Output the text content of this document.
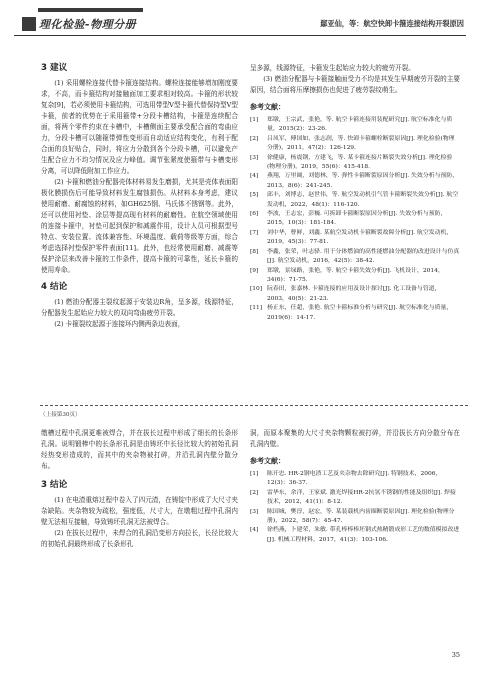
理化检验-物理分册	鄢亚仙，等：航空快卸卡箍连接结构开裂原因
3 建议

(1) 采用螺栓连接代替卡箍连接结构。螺栓连接能够增加刚度要求，不高，而卡箍结构对接触面加工要求相对较高。卡箍的形状较复杂[9]，若必须使用卡箍结构，可选用带型V型卡箍代替保持型V型卡箍，前者的优势在于采用箍带+分段卡槽结构，卡箍是连续配合面，将两个零件约束在卡槽中，卡槽侧面主要承受配合面的弯曲应力，分段卡槽可以随箍带弹性变形而自动适应结构变化，有利于配合面的良好贴合，同时，将应力分散到各个分段卡槽，可以避免产生配合应力不均匀情况及应力峰值。调节张紧度使箍带与卡槽变形分离，可以降低附加工作应力。

(2) 卡箍和燃油分配器壳体材料易发生磨损，尤其是壳体表面阳极化膜损伤后可能导致材料发生腐蚀损伤。从材料本身考虑，建议使用耐磨、耐腐蚀的材料，如GH625钢、马氏体不锈钢等。此外，还可以使用衬垫、涂层等提高现有材料的耐磨性。在航空领域使用的连接卡箍中，衬垫可起到保护和减震作用，设计人员可根据型号特点、安装位置、流体兼容性、环境温度、载荷等级等方面，综合考虑选择衬垫保护零件表面[11]。此外，也经常使用耐磨、减震等保护涂层来改善卡箍的工作条件，提高卡箍的可靠性，延长卡箍的使用寿命。

4 结论

(1) 燃油分配器主裂纹起源于安装边R角，呈多源，线源特征，分配器发生起始应力较大的双向弯曲疲劳开裂。

(2) 卡箍裂纹起源于连接环内侧两条边表面，

呈多源，线源特征，卡箍发生起始应力较大的疲劳开裂。

(3) 燃油分配器与卡箍接触面受力不均是其发生早期疲劳开裂的主要原因，结合面将压摩擦损伤也促进了疲劳裂纹萌生。

参考文献：
[1]	郑墩，王宗武，张艳，等. 航空卡箍连接用装配研究[J]. 航空标准化与质量，2015(2)：23-26.
[2]	吕凤军，傅国如，张志润，等. 快卸卡箍螺栓断裂原因[J]. 理化检验(物理分册)，2011，47(2)：126-129.
[3]	徐健康，杨震钢，方建飞，等. 某卡箍连接片断裂失效分析[J]. 理化检验(物理分册)，2019，55(6)：415-418.
[4]	燕翔，万里阔，刘德林，等. 弹性卡箍断裂原因分析[J]. 失效分析与预防，2013，8(6)：241-245.
[5]	邱丰，刘博志，赵世伟，等. 航空发动机引气管卡箍断裂失效分析[J]. 航空发动机，2022，48(1)：116-120.
[6]	李波，王志宏，彭巍. 可拆卸卡箍断裂原因分析[J]. 失效分析与预防，2015，10(3)：181-184.
[7]	刘中华，曹鲜，刘鑫. 某航空发动机卡箍断裂故障分析[J]. 航空发动机，2019，45(3)：77-81.
[8]	李鑫，张荣，叶志驿. 用于分体燃油的高性能燃油分配器的改进设计与仿真[J]. 航空发动机，2016，42(5)：38-42.
[9]	郑墩，景绿路，张艳，等. 航空卡箍失效分析[J]. 飞机设计，2014，34(6)：71-75.
[10] 阮春田，张嘉林. 卡箍连接的应用及设计探讨[J]. 化工设备与管道，2003，40(5)：21-23.
[11] 杨正东，任超，张艳. 航空卡箍标准分析与研究[J]. 航空标准化与质量，2019(6)：14-17.
（上接第30页）

缴槽过程中孔洞更难被焊合，并在拔长过程中形成了细长的长条形孔洞。说明锻棒中的长条形孔洞是由铸坯中长径比较大的初始孔洞经热变形造成的，而其中的夹杂物被打碎，并沿孔洞内壁分散分布。

3 结论

(1) 在电渣重熔过程中卷入了四元渣，在铸锭中形成了大尺寸夹杂缺陷。夹杂物较为疏松，强度低，尺寸大，在墩粗过程中孔洞内壁无法相互接触，导致铸坯孔洞无法被焊合。

(2) 在拔长过程中，未焊合的孔洞沿变形方向拉长，长径比较大的初始孔洞最终形成了长条形孔

洞，而原本聚集的大尺寸夹杂物颗粒被打碎，并沿拔长方向分散分布在孔洞内壁。

参考文献：
[1]	陈开忠. HR-2钢电渣工艺及夹杂物去除研究[J]. 特钢技术，2006，12(3)：36-37.
[2]	雷华东，余洋，王家斌. 激光焊接HR-2抗氢不锈钢的性能及组织[J]. 焊接技术，2012，41(1)：8-12.
[3]	陈国城，樊淳，赵宏，等. 某装载机内齿圈断裂原因[J]. 理化检验(物理分册)，2022，58(7)：45-47.
[4]	徐档燕，卜建荣，朱敏. 带孔棒棒棒坯钢式热精锻成形工艺的数值模拟改进[J]. 机械工程材料，2017，41(3)：103-106.
35
